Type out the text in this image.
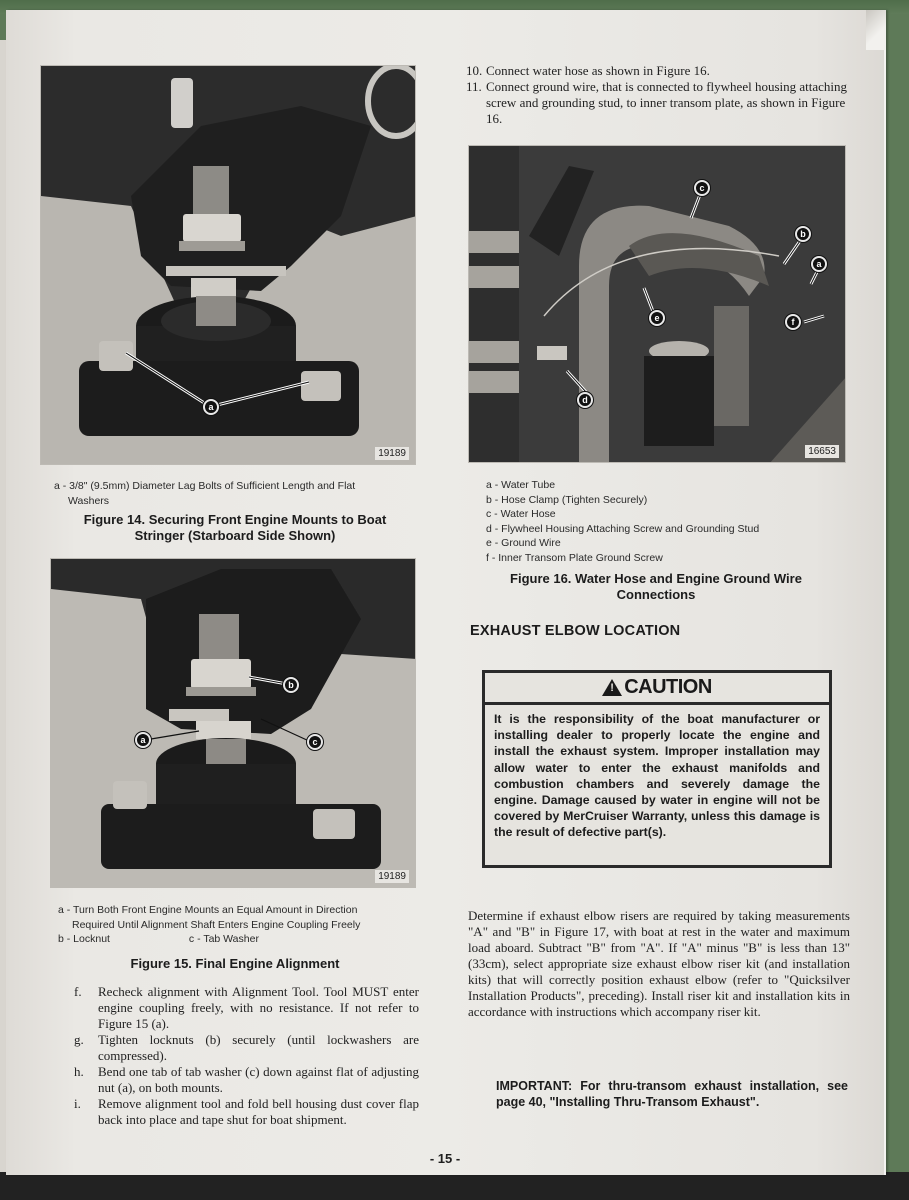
a
19189
a - 3/8" (9.5mm) Diameter Lag Bolts of Sufficient Length and Flat
Washers
Figure 14. Securing Front Engine Mounts to Boat
Stringer (Starboard Side Shown)
b
a	c
19189
a - Turn Both Front Engine Mounts an Equal Amount in Direction
Required Until Alignment Shaft Enters Engine Coupling Freely
b - Locknut	c - Tab Washer
Figure 15. Final Engine Alignment
f.	Recheck alignment with Alignment Tool. Tool MUST enter engine coupling freely, with no resistance. If not refer to Figure 15 (a).
g.	Tighten locknuts (b) securely (until lockwashers are compressed).
h.	Bend one tab of tab washer (c) down against flat of adjusting nut (a), on both mounts.
i.	Remove alignment tool and fold bell housing dust cover flap back into place and tape shut for boat shipment.
10. Connect water hose as shown in Figure 16.
11. Connect ground wire, that is connected to flywheel housing attaching screw and grounding stud, to inner transom plate, as shown in Figure 16.
c
b
a
e	f
d
16653
a - Water Tube
b - Hose Clamp (Tighten Securely)
c - Water Hose
d - Flywheel Housing Attaching Screw and Grounding Stud
e - Ground Wire
f - Inner Transom Plate Ground Screw
Figure 16. Water Hose and Engine Ground Wire
Connections
EXHAUST ELBOW LOCATION
!
CAUTION
It is the responsibility of the boat manufacturer or installing dealer to properly locate the engine and install the exhaust system. Improper installation may allow water to enter the exhaust manifolds and combustion chambers and severely damage the engine. Damage caused by water in engine will not be covered by MerCruiser Warranty, unless this damage is the result of defective part(s).
Determine if exhaust elbow risers are required by taking measurements "A" and "B" in Figure 17, with boat at rest in the water and maximum load aboard. Subtract "B" from "A". If "A" minus "B" is less than 13" (33cm), select appropriate size exhaust elbow riser kit (and installation kits) that will correctly position exhaust elbow (refer to "Quicksilver Installation Products", preceding). Install riser kit and installation kits in accordance with instructions which accompany riser kit.
IMPORTANT: For thru-transom exhaust installation, see page 40, "Installing Thru-Transom Exhaust".
- 15 -
